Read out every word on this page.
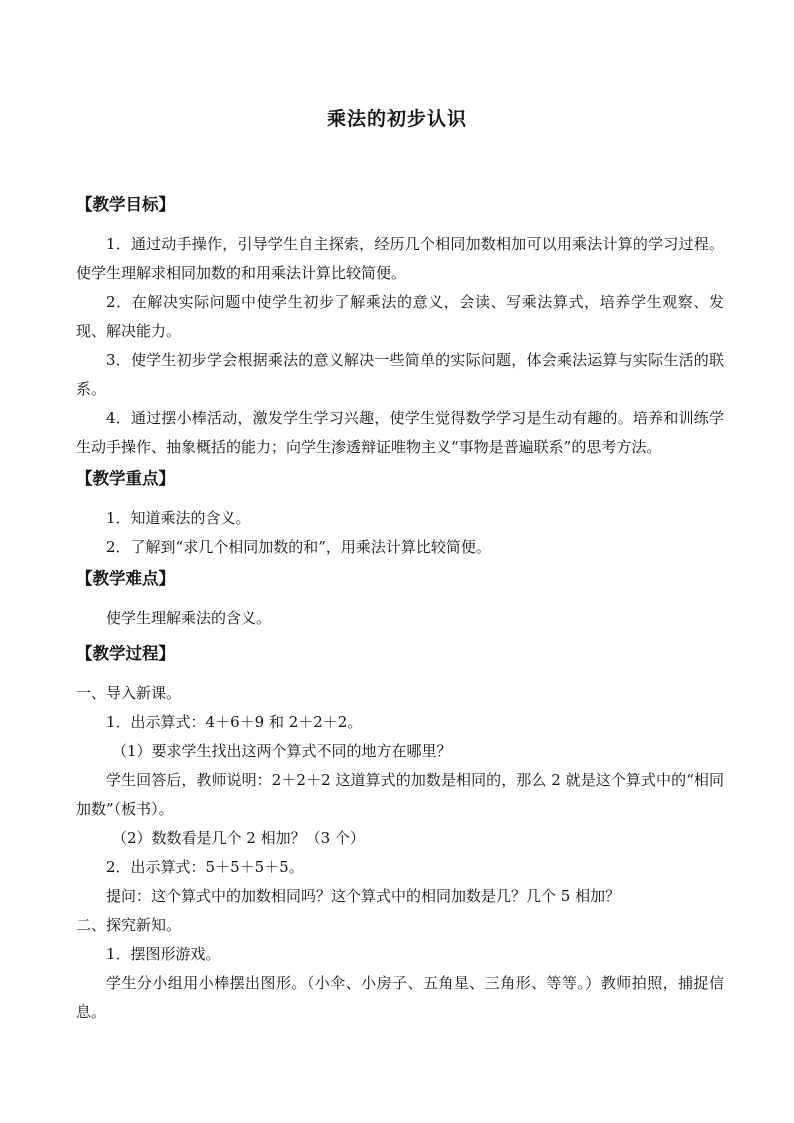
乘法的初步认识
【教学目标】

1．通过动手操作，引导学生自主探索，经历几个相同加数相加可以用乘法计算的学习过程。使学生理解求相同加数的和用乘法计算比较简便。

2．在解决实际问题中使学生初步了解乘法的意义，会读、写乘法算式，培养学生观察、发现、解决能力。

3．使学生初步学会根据乘法的意义解决一些简单的实际问题，体会乘法运算与实际生活的联系。

4．通过摆小棒活动，激发学生学习兴趣，使学生觉得数学学习是生动有趣的。培养和训练学生动手操作、抽象概括的能力；向学生渗透辩证唯物主义“事物是普遍联系”的思考方法。

【教学重点】

1．知道乘法的含义。

2．了解到“求几个相同加数的和”，用乘法计算比较简便。

【教学难点】

使学生理解乘法的含义。

【教学过程】

一、导入新课。

1．出示算式：4＋6＋9 和 2＋2＋2。

（1）要求学生找出这两个算式不同的地方在哪里？

学生回答后，教师说明：2＋2＋2 这道算式的加数是相同的，那么 2 就是这个算式中的“相同加数”（板书）。

（2）数数看是几个 2 相加？（3 个）

2．出示算式：5＋5＋5＋5。

提问：这个算式中的加数相同吗？这个算式中的相同加数是几？几个 5 相加？

二、探究新知。

1．摆图形游戏。

学生分小组用小棒摆出图形。（小伞、小房子、五角星、三角形、等等。）教师拍照，捕捉信息。
